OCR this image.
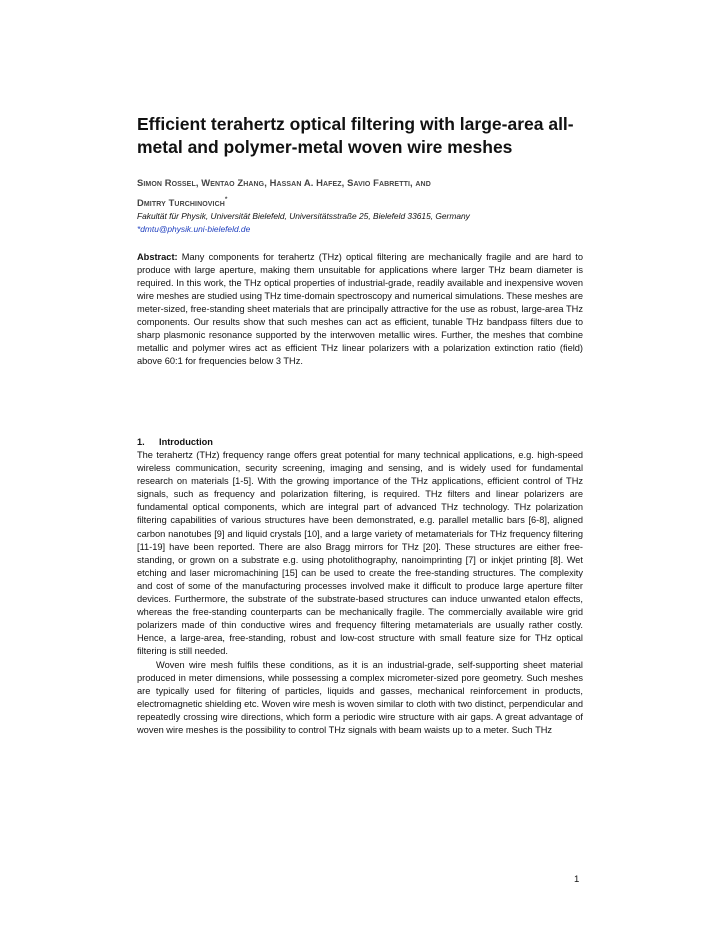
Efficient terahertz optical filtering with large-area all-metal and polymer-metal woven wire meshes
Simon Rossel, Wentao Zhang, Hassan A. Hafez, Savio Fabretti, and
Dmitry Turchinovich*
Fakultät für Physik, Universität Bielefeld, Universitätsstraße 25, Bielefeld 33615, Germany
*dmtu@physik.uni-bielefeld.de
Abstract: Many components for terahertz (THz) optical filtering are mechanically fragile and are hard to produce with large aperture, making them unsuitable for applications where larger THz beam diameter is required. In this work, the THz optical properties of industrial-grade, readily available and inexpensive woven wire meshes are studied using THz time-domain spectroscopy and numerical simulations. These meshes are meter-sized, free-standing sheet materials that are principally attractive for the use as robust, large-area THz components. Our results show that such meshes can act as efficient, tunable THz bandpass filters due to sharp plasmonic resonance supported by the interwoven metallic wires. Further, the meshes that combine metallic and polymer wires act as efficient THz linear polarizers with a polarization extinction ratio (field) above 60:1 for frequencies below 3 THz.
1. Introduction

The terahertz (THz) frequency range offers great potential for many technical applications, e.g. high-speed wireless communication, security screening, imaging and sensing, and is widely used for fundamental research on materials [1-5]. With the growing importance of the THz applications, efficient control of THz signals, such as frequency and polarization filtering, is required. THz filters and linear polarizers are fundamental optical components, which are integral part of advanced THz technology. THz polarization filtering capabilities of various structures have been demonstrated, e.g. parallel metallic bars [6-8], aligned carbon nanotubes [9] and liquid crystals [10], and a large variety of metamaterials for THz frequency filtering [11-19] have been reported. There are also Bragg mirrors for THz [20]. These structures are either free-standing, or grown on a substrate e.g. using photolithography, nanoimprinting [7] or inkjet printing [8]. Wet etching and laser micromachining [15] can be used to create the free-standing structures. The complexity and cost of some of the manufacturing processes involved make it difficult to produce large aperture filter devices. Furthermore, the substrate of the substrate-based structures can induce unwanted etalon effects, whereas the free-standing counterparts can be mechanically fragile. The commercially available wire grid polarizers made of thin conductive wires and frequency filtering metamaterials are usually rather costly. Hence, a large-area, free-standing, robust and low-cost structure with small feature size for THz optical filtering is still needed.

Woven wire mesh fulfils these conditions, as it is an industrial-grade, self-supporting sheet material produced in meter dimensions, while possessing a complex micrometer-sized pore geometry. Such meshes are typically used for filtering of particles, liquids and gasses, mechanical reinforcement in products, electromagnetic shielding etc. Woven wire mesh is woven similar to cloth with two distinct, perpendicular and repeatedly crossing wire directions, which form a periodic wire structure with air gaps. A great advantage of woven wire meshes is the possibility to control THz signals with beam waists up to a meter. Such THz

1
